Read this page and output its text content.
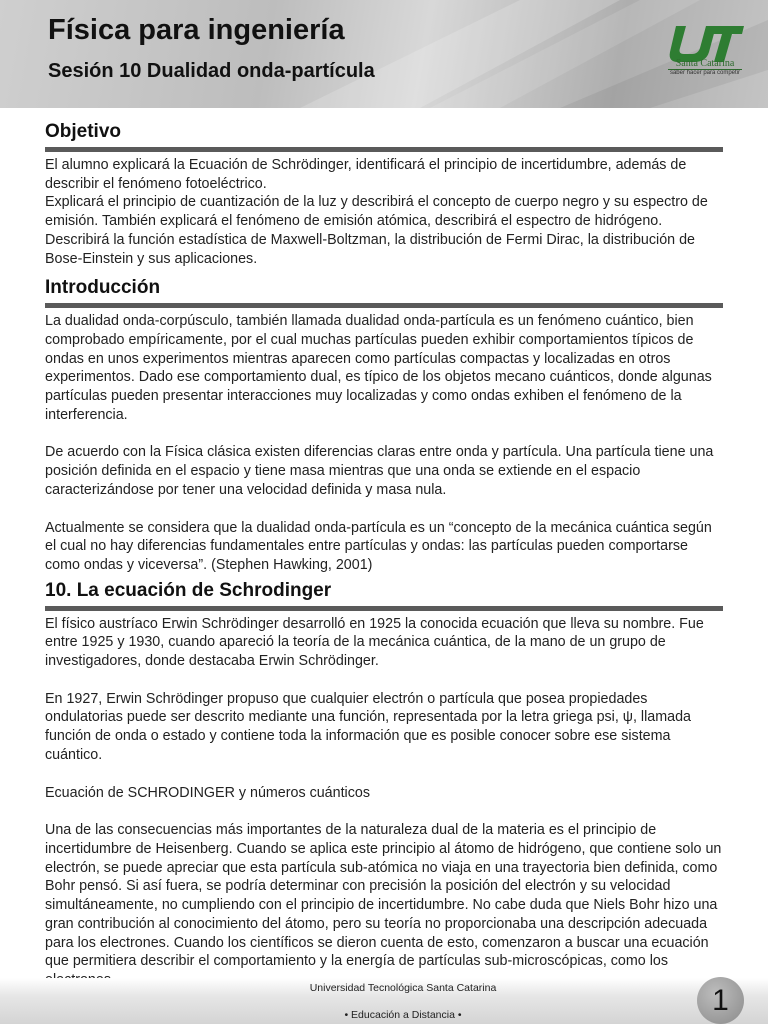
Física para ingeniería
Sesión 10 Dualidad onda-partícula	Santa Catarina
saber hacer para competir
Objetivo

El alumno explicará la Ecuación de Schrödinger, identificará el principio de incertidumbre, además de describir el fenómeno fotoeléctrico.
Explicará el principio de cuantización de la luz y describirá el concepto de cuerpo negro y su espectro de emisión. También explicará el fenómeno de emisión atómica, describirá el espectro de hidrógeno. Describirá la función estadística de Maxwell-Boltzman, la distribución de Fermi Dirac, la distribución de Bose-Einstein y sus aplicaciones.

Introducción

La dualidad onda-corpúsculo, también llamada dualidad onda-partícula es un fenómeno cuántico, bien comprobado empíricamente, por el cual muchas partículas pueden exhibir comportamientos típicos de ondas en unos experimentos mientras aparecen como partículas compactas y localizadas en otros experimentos. Dado ese comportamiento dual, es típico de los objetos mecano cuánticos, donde algunas partículas pueden presentar interacciones muy localizadas y como ondas exhiben el fenómeno de la interferencia.

De acuerdo con la Física clásica existen diferencias claras entre onda y partícula. Una partícula tiene una posición definida en el espacio y tiene masa mientras que una onda se extiende en el espacio caracterizándose por tener una velocidad definida y masa nula.

Actualmente se considera que la dualidad onda-partícula es un “concepto de la mecánica cuántica según el cual no hay diferencias fundamentales entre partículas y ondas: las partículas pueden comportarse como ondas y viceversa”. (Stephen Hawking, 2001)

10. La ecuación de Schrodinger

El físico austríaco Erwin Schrödinger desarrolló en 1925 la conocida ecuación que lleva su nombre. Fue entre 1925 y 1930, cuando apareció la teoría de la mecánica cuántica, de la mano de un grupo de investigadores, donde destacaba Erwin Schrödinger.

En 1927, Erwin Schrödinger propuso que cualquier electrón o partícula que posea propiedades ondulatorias puede ser descrito mediante una función, representada por la letra griega psi, ψ, llamada función de onda o estado y contiene toda la información que es posible conocer sobre ese sistema cuántico.

Ecuación de SCHRODINGER y números cuánticos

Una de las consecuencias más importantes de la naturaleza dual de la materia es el principio de incertidumbre de Heisenberg. Cuando se aplica este principio al átomo de hidrógeno, que contiene solo un electrón, se puede apreciar que esta partícula sub-atómica no viaja en una trayectoria bien definida, como Bohr pensó. Si así fuera, se podría determinar con precisión la posición del electrón y su velocidad simultáneamente, no cumpliendo con el principio de incertidumbre. No cabe duda que Niels Bohr hizo una gran contribución al conocimiento del átomo, pero su teoría no proporcionaba una descripción adecuada para los electrones. Cuando los científicos se dieron cuenta de esto, comenzaron a buscar una ecuación que permitiera describir el comportamiento y la energía de partículas sub-microscópicas, como los

Universidad Tecnológica Santa Catarina
• Educación a Distancia •	1
